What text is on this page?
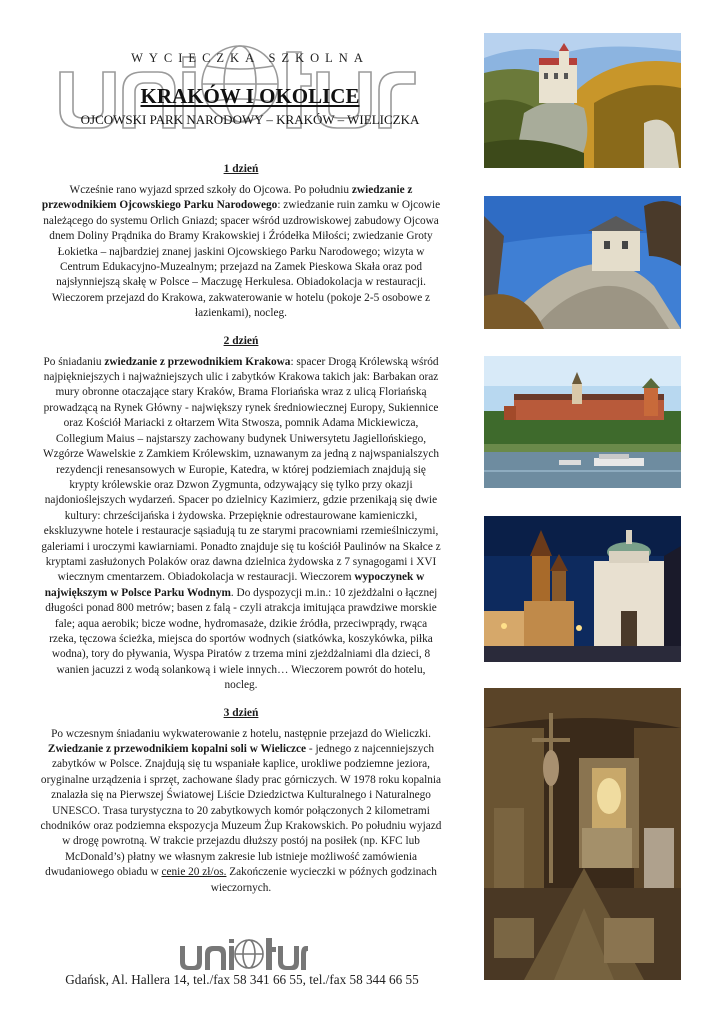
WYCIECZKA SZKOLNA
KRAKÓW I OKOLICE
OJCOWSKI PARK NARODOWY – KRAKÓW – WIELICZKA
1 dzień

Wcześnie rano wyjazd sprzed szkoły do Ojcowa. Po południu zwiedzanie z przewodnikiem Ojcowskiego Parku Narodowego: zwiedzanie ruin zamku w Ojcowie należącego do systemu Orlich Gniazd; spacer wśród uzdrowiskowej zabudowy Ojcowa dnem Doliny Prądnika do Bramy Krakowskiej i Źródełka Miłości; zwiedzanie Groty Łokietka – najbardziej znanej jaskini Ojcowskiego Parku Narodowego; wizyta w Centrum Edukacyjno-Muzealnym; przejazd na Zamek Pieskowa Skała oraz pod najsłynniejszą skałę w Polsce – Maczugę Herkulesa. Obiadokolacja w restauracji. Wieczorem przejazd do Krakowa, zakwaterowanie w hotelu (pokoje 2-5 osobowe z łazienkami), nocleg.

2 dzień

Po śniadaniu zwiedzanie z przewodnikiem Krakowa: spacer Drogą Królewską wśród najpiękniejszych i najważniejszych ulic i zabytków Krakowa takich jak: Barbakan oraz mury obronne otaczające stary Kraków, Brama Floriańska wraz z ulicą Floriańską prowadzącą na Rynek Główny - największy rynek średniowiecznej Europy, Sukiennice oraz Kościół Mariacki z ołtarzem Wita Stwosza, pomnik Adama Mickiewicza, Collegium Maius – najstarszy zachowany budynek Uniwersytetu Jagiellońskiego, Wzgórze Wawelskie z Zamkiem Królewskim, uznawanym za jedną z najwspanialszych rezydencji renesansowych w Europie, Katedra, w której podziemiach znajdują się krypty królewskie oraz Dzwon Zygmunta, odzywający się tylko przy okazji najdonioślejszych wydarzeń. Spacer po dzielnicy Kazimierz, gdzie przenikają się dwie kultury: chrześcijańska i żydowska. Przepięknie odrestaurowane kamieniczki, ekskluzywne hotele i restauracje sąsiadują tu ze starymi pracowniami rzemieślniczymi, galeriami i uroczymi kawiarniami. Ponadto znajduje się tu kościół Paulinów na Skałce z kryptami zasłużonych Polaków oraz dawna dzielnica żydowska z 7 synagogami i XVI wiecznym cmentarzem. Obiadokolacja w restauracji. Wieczorem wypoczynek w największym w Polsce Parku Wodnym. Do dyspozycji m.in.: 10 zjeżdżalni o łącznej długości ponad 800 metrów; basen z falą - czyli atrakcja imitująca prawdziwe morskie fale; aqua aerobik; bicze wodne, hydromasaże, dzikie źródła, przeciwprądy, rwąca rzeka, tęczowa ścieżka, miejsca do sportów wodnych (siatkówka, koszykówka, piłka wodna), tory do pływania, Wyspa Piratów z trzema mini zjeżdżalniami dla dzieci, 8 wanien jacuzzi z wodą solankową i wiele innych… Wieczorem powrót do hotelu, nocleg.

3 dzień

Po wczesnym śniadaniu wykwaterowanie z hotelu, następnie przejazd do Wieliczki. Zwiedzanie z przewodnikiem kopalni soli w Wieliczce - jednego z najcenniejszych zabytków w Polsce. Znajdują się tu wspaniałe kaplice, urokliwe podziemne jeziora, oryginalne urządzenia i sprzęt, zachowane ślady prac górniczych. W 1978 roku kopalnia znalazła się na Pierwszej Światowej Liście Dziedzictwa Kulturalnego i Naturalnego UNESCO. Trasa turystyczna to 20 zabytkowych komór połączonych 2 kilometrami chodników oraz podziemna ekspozycja Muzeum Żup Krakowskich. Po południu wyjazd w drogę powrotną. W trakcie przejazdu dłuższy postój na posiłek (np. KFC lub McDonald’s) płatny we własnym zakresie lub istnieje możliwość zamówienia dwudaniowego obiadu w cenie 20 zł/os. Zakończenie wycieczki w późnych godzinach wieczornych.

Gdańsk, Al. Hallera 14, tel./fax 58 341 66 55, tel./fax 58 344 66 55
